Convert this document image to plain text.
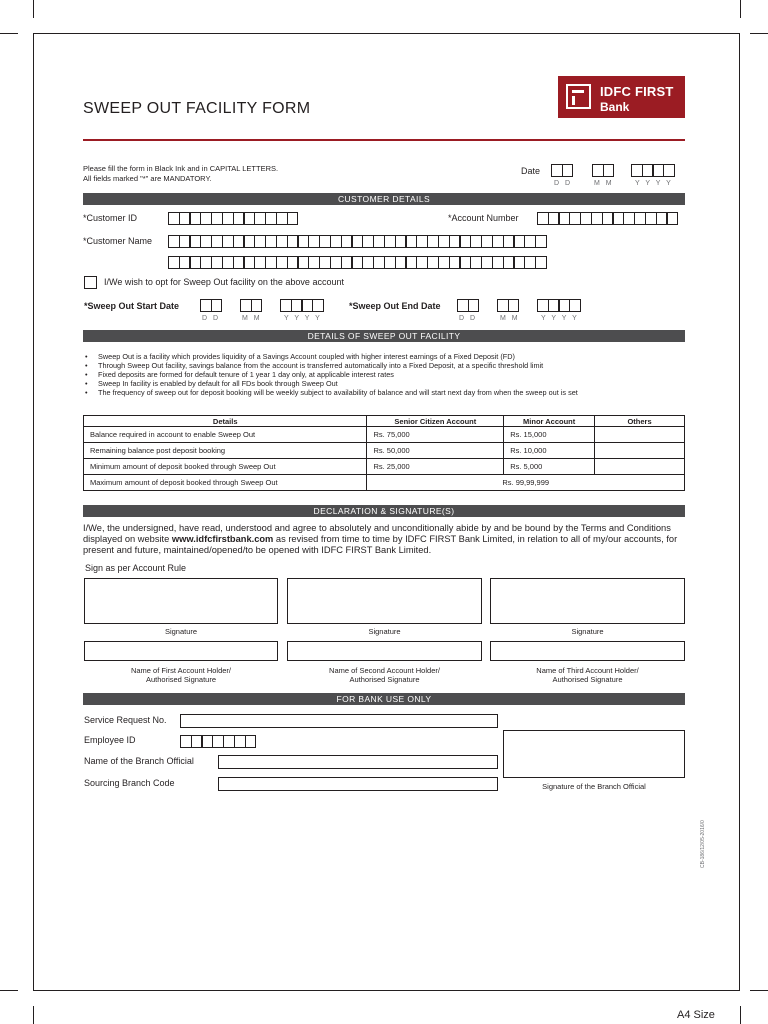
SWEEP OUT FACILITY FORM
IDFC FIRST
Bank
Please fill the form in Black Ink and in CAPITAL LETTERS.
All fields marked "*" are MANDATORY.
Date
D D	M M	Y Y Y Y
CUSTOMER DETAILS
*Customer ID	*Account Number
*Customer Name
I/We wish to opt for Sweep Out facility on the above account
*Sweep Out Start Date
D D	M M	Y Y Y Y
*Sweep Out End Date
D D	M M	Y Y Y Y
DETAILS OF SWEEP OUT FACILITY
• Sweep Out is a facility which provides liquidity of a Savings Account coupled with higher interest earnings of a Fixed Deposit (FD)
• Through Sweep Out facility, savings balance from the account is transferred automatically into a Fixed Deposit, at a specific threshold limit
• Fixed deposits are formed for default tenure of 1 year 1 day only, at applicable interest rates
• Sweep In facility is enabled by default for all FDs book through Sweep Out
• The frequency of sweep out for deposit booking will be weekly subject to availability of balance and will start next day from when the sweep out is set
Details	Senior Citizen Account	Minor Account	Others
Balance required in account to enable Sweep Out	Rs. 75,000	Rs. 15,000	
Remaining balance post deposit booking	Rs. 50,000	Rs. 10,000	
Minimum amount of deposit booked through Sweep Out	Rs. 25,000	Rs. 5,000	
Maximum amount of deposit booked through Sweep Out	Rs. 99,99,999		
DECLARATION & SIGNATURE(S)
I/We, the undersigned, have read, understood and agree to absolutely and unconditionally abide by and be bound by the Terms and Conditions displayed on website www.idfcfirstbank.com as revised from time to time by IDFC FIRST Bank Limited, in relation to all of my/our accounts, for present and future, maintained/opened/to be opened with IDFC FIRST Bank Limited.
Sign as per Account Rule
Signature	Signature	Signature
Name of First Account Holder/
Authorised Signature
Name of Second Account Holder/
Authorised Signature
Name of Third Account Holder/
Authorised Signature
FOR BANK USE ONLY
Service Request No.
Employee ID
Name of the Branch Official
Sourcing Branch Code	Signature of the Branch Official
CB-186/12/05-2016/0
A4 Size
